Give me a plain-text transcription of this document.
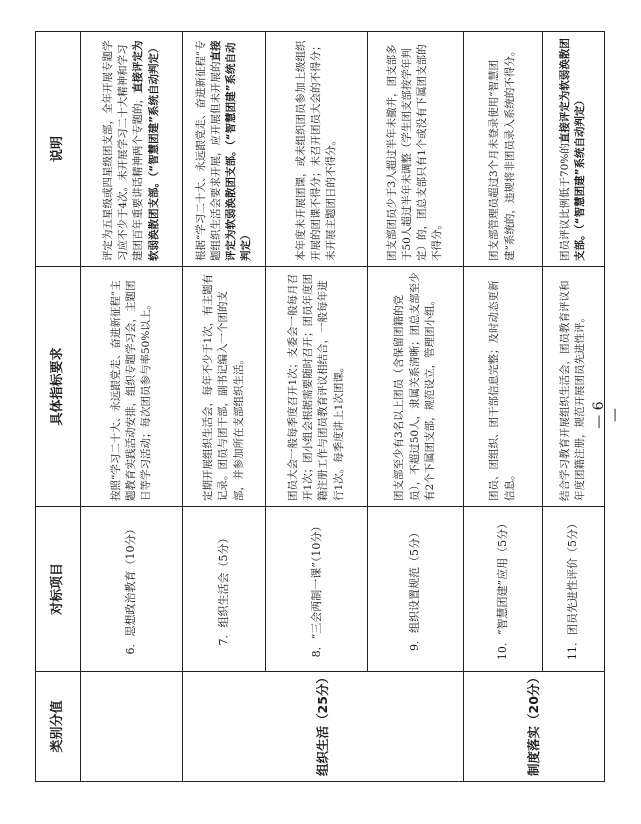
类别分值	对标项目	具体指标要求	说明
	6．思想政治教育（10分）	按照“学习二十大、永远跟党走、奋进新征程”主题教育实践活动安排，组织专题学习会，主题团日等学习活动；每次团员参与率50%以上。	评定为五星级或四星级团支部，全年开展专题学习应不少于4次。未开展学习二十大精神和学习建团百年重要讲话精神两个专题的，直接评定为软弱涣散团支部。（“智慧团建”系统自动判定）
组织生活（25分）	7．组织生活会（5分）	定期开展组织生活会，每年不少于1次，有主题有记录。团员与团干部，副书记编入一个团的支部，并参加所在支部组织生活。	根据“学习二十大、永远跟党走、奋进新征程”专题组织生活会要求开展，应开展但未开展的直接评定为软弱涣散团支部。（“智慧团建”系统自动判定）
	8．“三会两制一课”（10分）	团员大会一般每季度召开1次；支委会一般每月召开1次；团小组会根据需要随时召开；团员年度团籍注册工作与团员教育评议相结合，一般每年进行1次。每季度讲上1次团课。	本年度未开展团课，或未组织团员参加上级组织开展的团课不得分；未召开团员大会的不得分；未开展主题团日的不得分。
	9．组织设置规范（5分）	团支部至少有3名以上团员（含保留团籍的党员），不超过50人，隶属关系清晰；团总支部至少有2个下属团支部，规范设立，管理团小组。	团支部团员少于3人超过半年未撤并，团支部多于50人超过半年未调整（学生团支部按学年判定）的，团总支部只有1个或没有下属团支部的不得分。
制度落实（20分）	10．“智慧团建”应用（5分）	团员、团组织、团干部信息完整；及时动态更新信息。	团支部管理员超过3个月未登录使用“智慧团建”系统的，违规将非团员录入系统的不得分。
	11．团员先进性评价（5分）	结合学习教育开展组织生活会，团员教育评议和年度团籍注册，规范开展团员先进性评。	团员评议比例低于70%的直接评定为软弱涣散团支部。（“智慧团建”系统自动判定）
— 6 —
